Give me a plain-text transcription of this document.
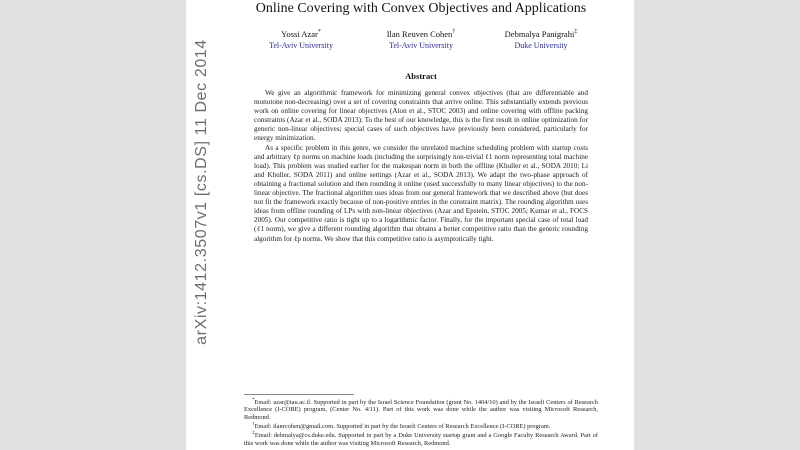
arXiv:1412.3507v1 [cs.DS] 11 Dec 2014
Online Covering with Convex Objectives and Applications
Yossi Azar*
Tel-Aviv University
Ilan Reuven Cohen†
Tel-Aviv University
Debmalya Panigrahi‡
Duke University
Abstract

We give an algorithmic framework for minimizing general convex objectives (that are differentiable and monotone non-decreasing) over a set of covering constraints that arrive online. This substantially extends previous work on online covering for linear objectives (Alon et al., STOC 2003) and online covering with offline packing constraints (Azar et al., SODA 2013). To the best of our knowledge, this is the first result in online optimization for generic non-linear objectives; special cases of such objectives have previously been considered, particularly for energy minimization.

As a specific problem in this genre, we consider the unrelated machine scheduling problem with startup costs and arbitrary ℓp norms on machine loads (including the surprisingly non-trivial ℓ1 norm representing total machine load). This problem was studied earlier for the makespan norm in both the offline (Khuller et al., SODA 2010; Li and Khuller, SODA 2011) and online settings (Azar et al., SODA 2013). We adapt the two-phase approach of obtaining a fractional solution and then rounding it online (used successfully to many linear objectives) to the non-linear objective. The fractional algorithm uses ideas from our general framework that we described above (but does not fit the framework exactly because of non-positive entries in the constraint matrix). The rounding algorithm uses ideas from offline rounding of LPs with non-linear objectives (Azar and Epstein, STOC 2005; Kumar et al., FOCS 2005). Our competitive ratio is tight up to a logarithmic factor. Finally, for the important special case of total load (ℓ1 norm), we give a different rounding algorithm that obtains a better competitive ratio than the generic rounding algorithm for ℓp norms. We show that this competitive ratio is asymptotically tight.

*Email: azar@tau.ac.il. Supported in part by the Israel Science Foundation (grant No. 1404/10) and by the Israeli Centers of Research Excellence (I-CORE) program, (Center No. 4/11). Part of this work was done while the author was visiting Microsoft Research, Redmond.

†Email: ilanrcohen@gmail.com. Supported in part by the Israeli Centers of Research Excellence (I-CORE) program.

‡Email: debmalya@cs.duke.edu. Supported in part by a Duke University startup grant and a Google Faculty Research Award. Part of this work was done while the author was visiting Microsoft Research, Redmond.
